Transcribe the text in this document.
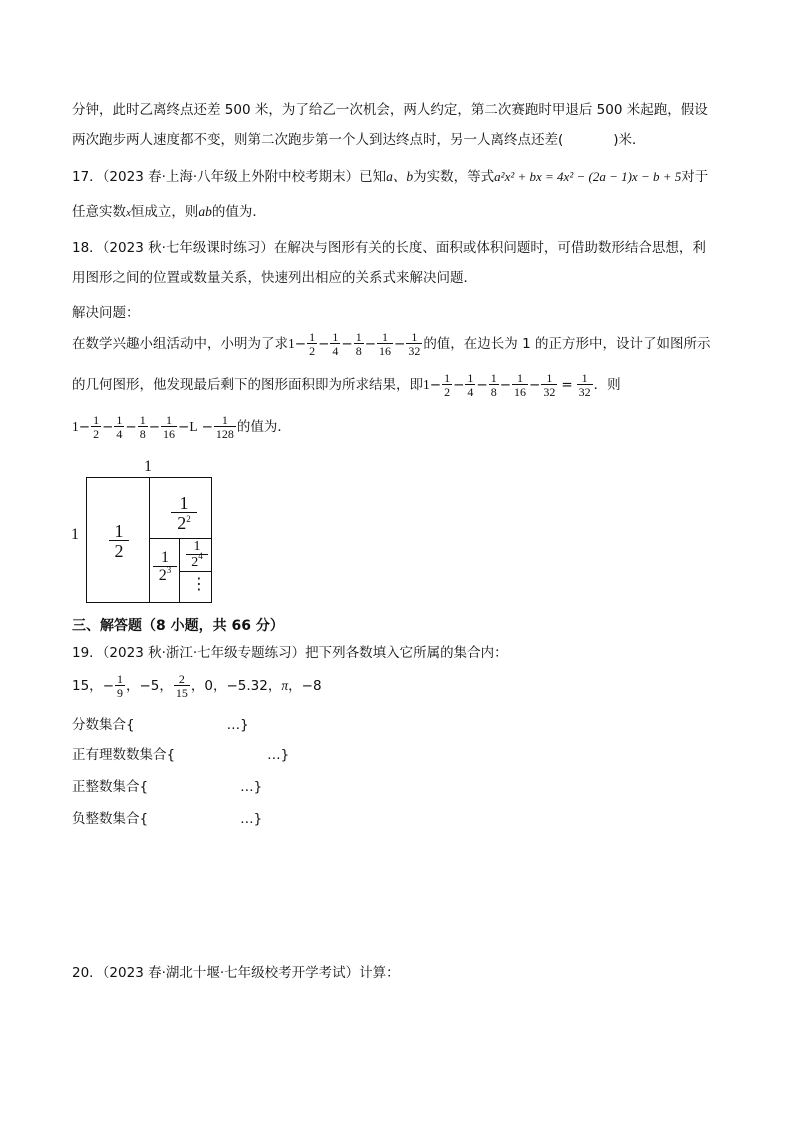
分钟，此时乙离终点还差 500 米，为了给乙一次机会，两人约定，第二次赛跑时甲退后 500 米起跑，假设
两次跑步两人速度都不变，则第二次跑步第一个人到达终点时，另一人离终点还差(	)米．
17．（2023 春·上海·八年级上外附中校考期末）已知a、b为实数，等式a²x² + bx = 4x² − (2a − 1)x − b + 5对于
任意实数x恒成立，则ab的值为．
18．（2023 秋·七年级课时练习）在解决与图形有关的长度、面积或体积问题时，可借助数形结合思想，利
用图形之间的位置或数量关系，快速列出相应的关系式来解决问题．
解决问题：
在数学兴趣小组活动中，小明为了求$1- \frac{1}{2} - \frac{1}{4} - \frac{1}{8} - \frac{1}{16} - \frac{1}{32}$ 的值，在边长为 1 的正方形中，设计了如图所示
的几何图形，他发现最后剩下的图形面积即为所求结果，即$1- \frac{1}{2} - \frac{1}{4} - \frac{1}{8} - \frac{1}{16} - \frac{1}{32} = \frac{1}{32}$ ．则
$1- \frac{1}{2} - \frac{1}{4} - \frac{1}{8} - \frac{1}{16} -L - \frac{1}{128}$ 的值为．
1
$1 \frac{1}{2}$
$\frac{1}{2^2}$
$\frac{1}{2^3} \frac{1}{2^4}$
⋮
三、解答题（8 小题，共 66 分）
19．（2023 秋·浙江·七年级专题练习）把下列各数填入它所属的集合内：
15，− $\frac{1}{9}$ ，−5， $\frac{2}{15}$ ，0，−5.32，π，−8
分数集合{	…}
正有理数数集合{	…}
正整数集合{	…}
负整数集合{	…}
20．（2023 春·湖北十堰·七年级校考开学考试）计算：
